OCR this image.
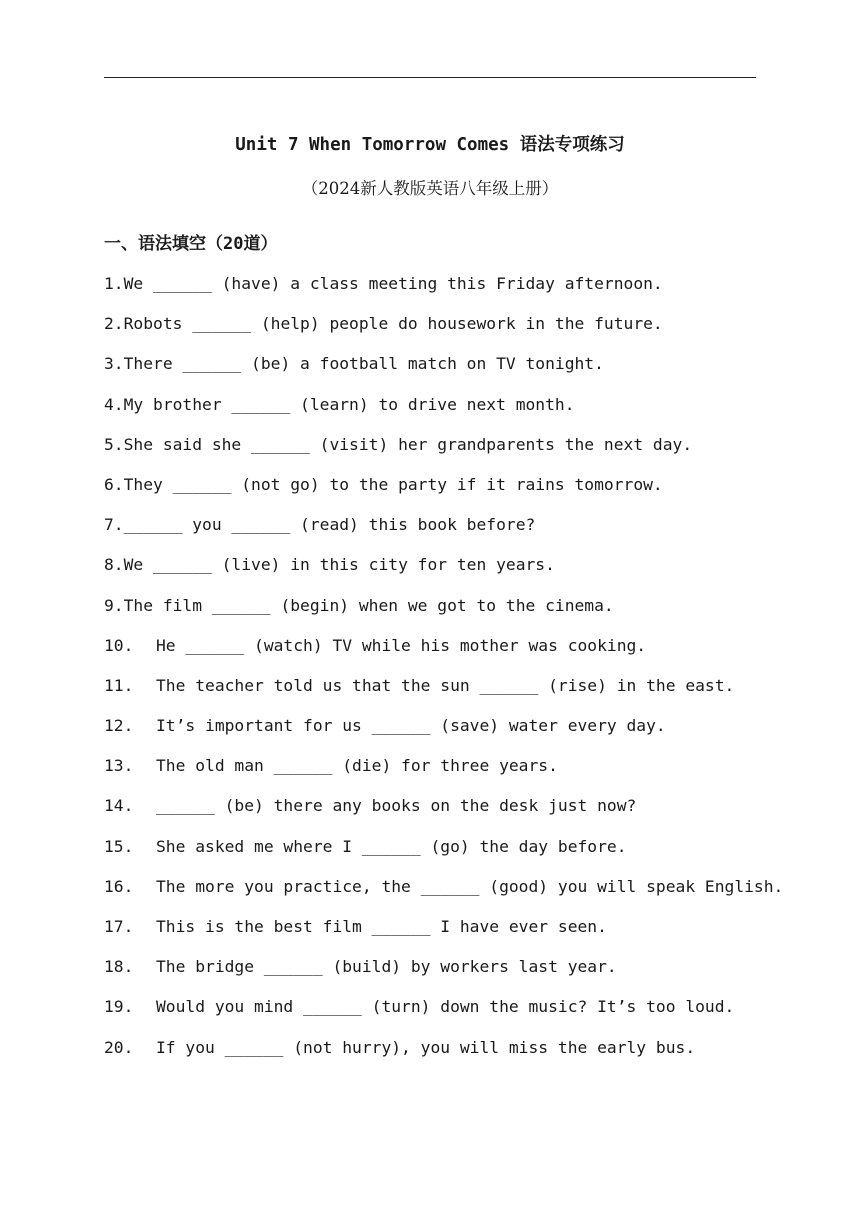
Unit 7 When Tomorrow Comes 语法专项练习
（2024新人教版英语八年级上册）
一、语法填空（20道）
1.We ______ (have) a class meeting this Friday afternoon.
2.Robots ______ (help) people do housework in the future.
3.There ______ (be) a football match on TV tonight.
4.My brother ______ (learn) to drive next month.
5.She said she ______ (visit) her grandparents the next day.
6.They ______ (not go) to the party if it rains tomorrow.
7.______ you ______ (read) this book before?
8.We ______ (live) in this city for ten years.
9.The film ______ (begin) when we got to the cinema.
10. He ______ (watch) TV while his mother was cooking.
11. The teacher told us that the sun ______ (rise) in the east.
12. It’s important for us ______ (save) water every day.
13. The old man ______ (die) for three years.
14. ______ (be) there any books on the desk just now?
15. She asked me where I ______ (go) the day before.
16. The more you practice, the ______ (good) you will speak English.
17. This is the best film ______ I have ever seen.
18. The bridge ______ (build) by workers last year.
19. Would you mind ______ (turn) down the music? It’s too loud.
20. If you ______ (not hurry), you will miss the early bus.
